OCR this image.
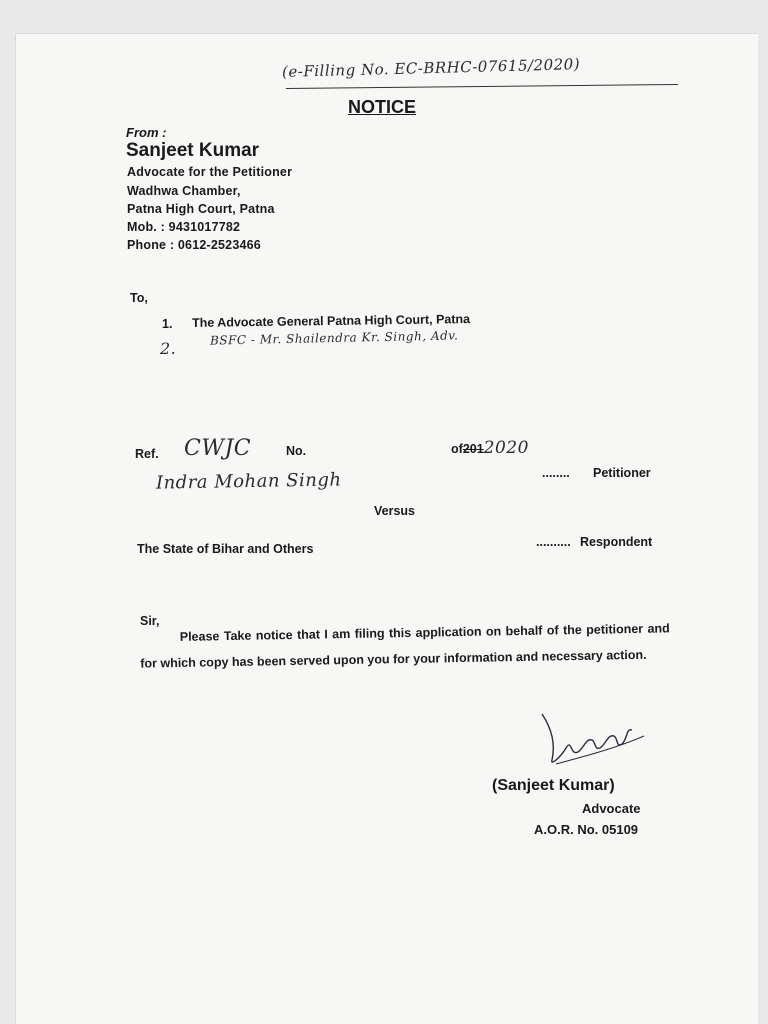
(e-Filling No. EC-BRHC-07615/2020)
NOTICE
From :
Sanjeet Kumar
Advocate for the Petitioner
Wadhwa Chamber,
Patna High Court, Patna
Mob. : 9431017782
Phone : 0612-2523466
To,
1. The Advocate General Patna High Court, Patna
2.
BSFC - Mr. Shailendra Kr. Singh, Adv.
Ref. CWJC	No.	of2012020
Indra Mohan Singh	........ Petitioner
Versus
The State of Bihar and Others	.......... Respondent
Sir,
Please Take notice that I am filing this application on behalf of the petitioner and for which copy has been served upon you for your information and necessary action.
(Sanjeet Kumar)
Advocate
A.O.R. No. 05109
